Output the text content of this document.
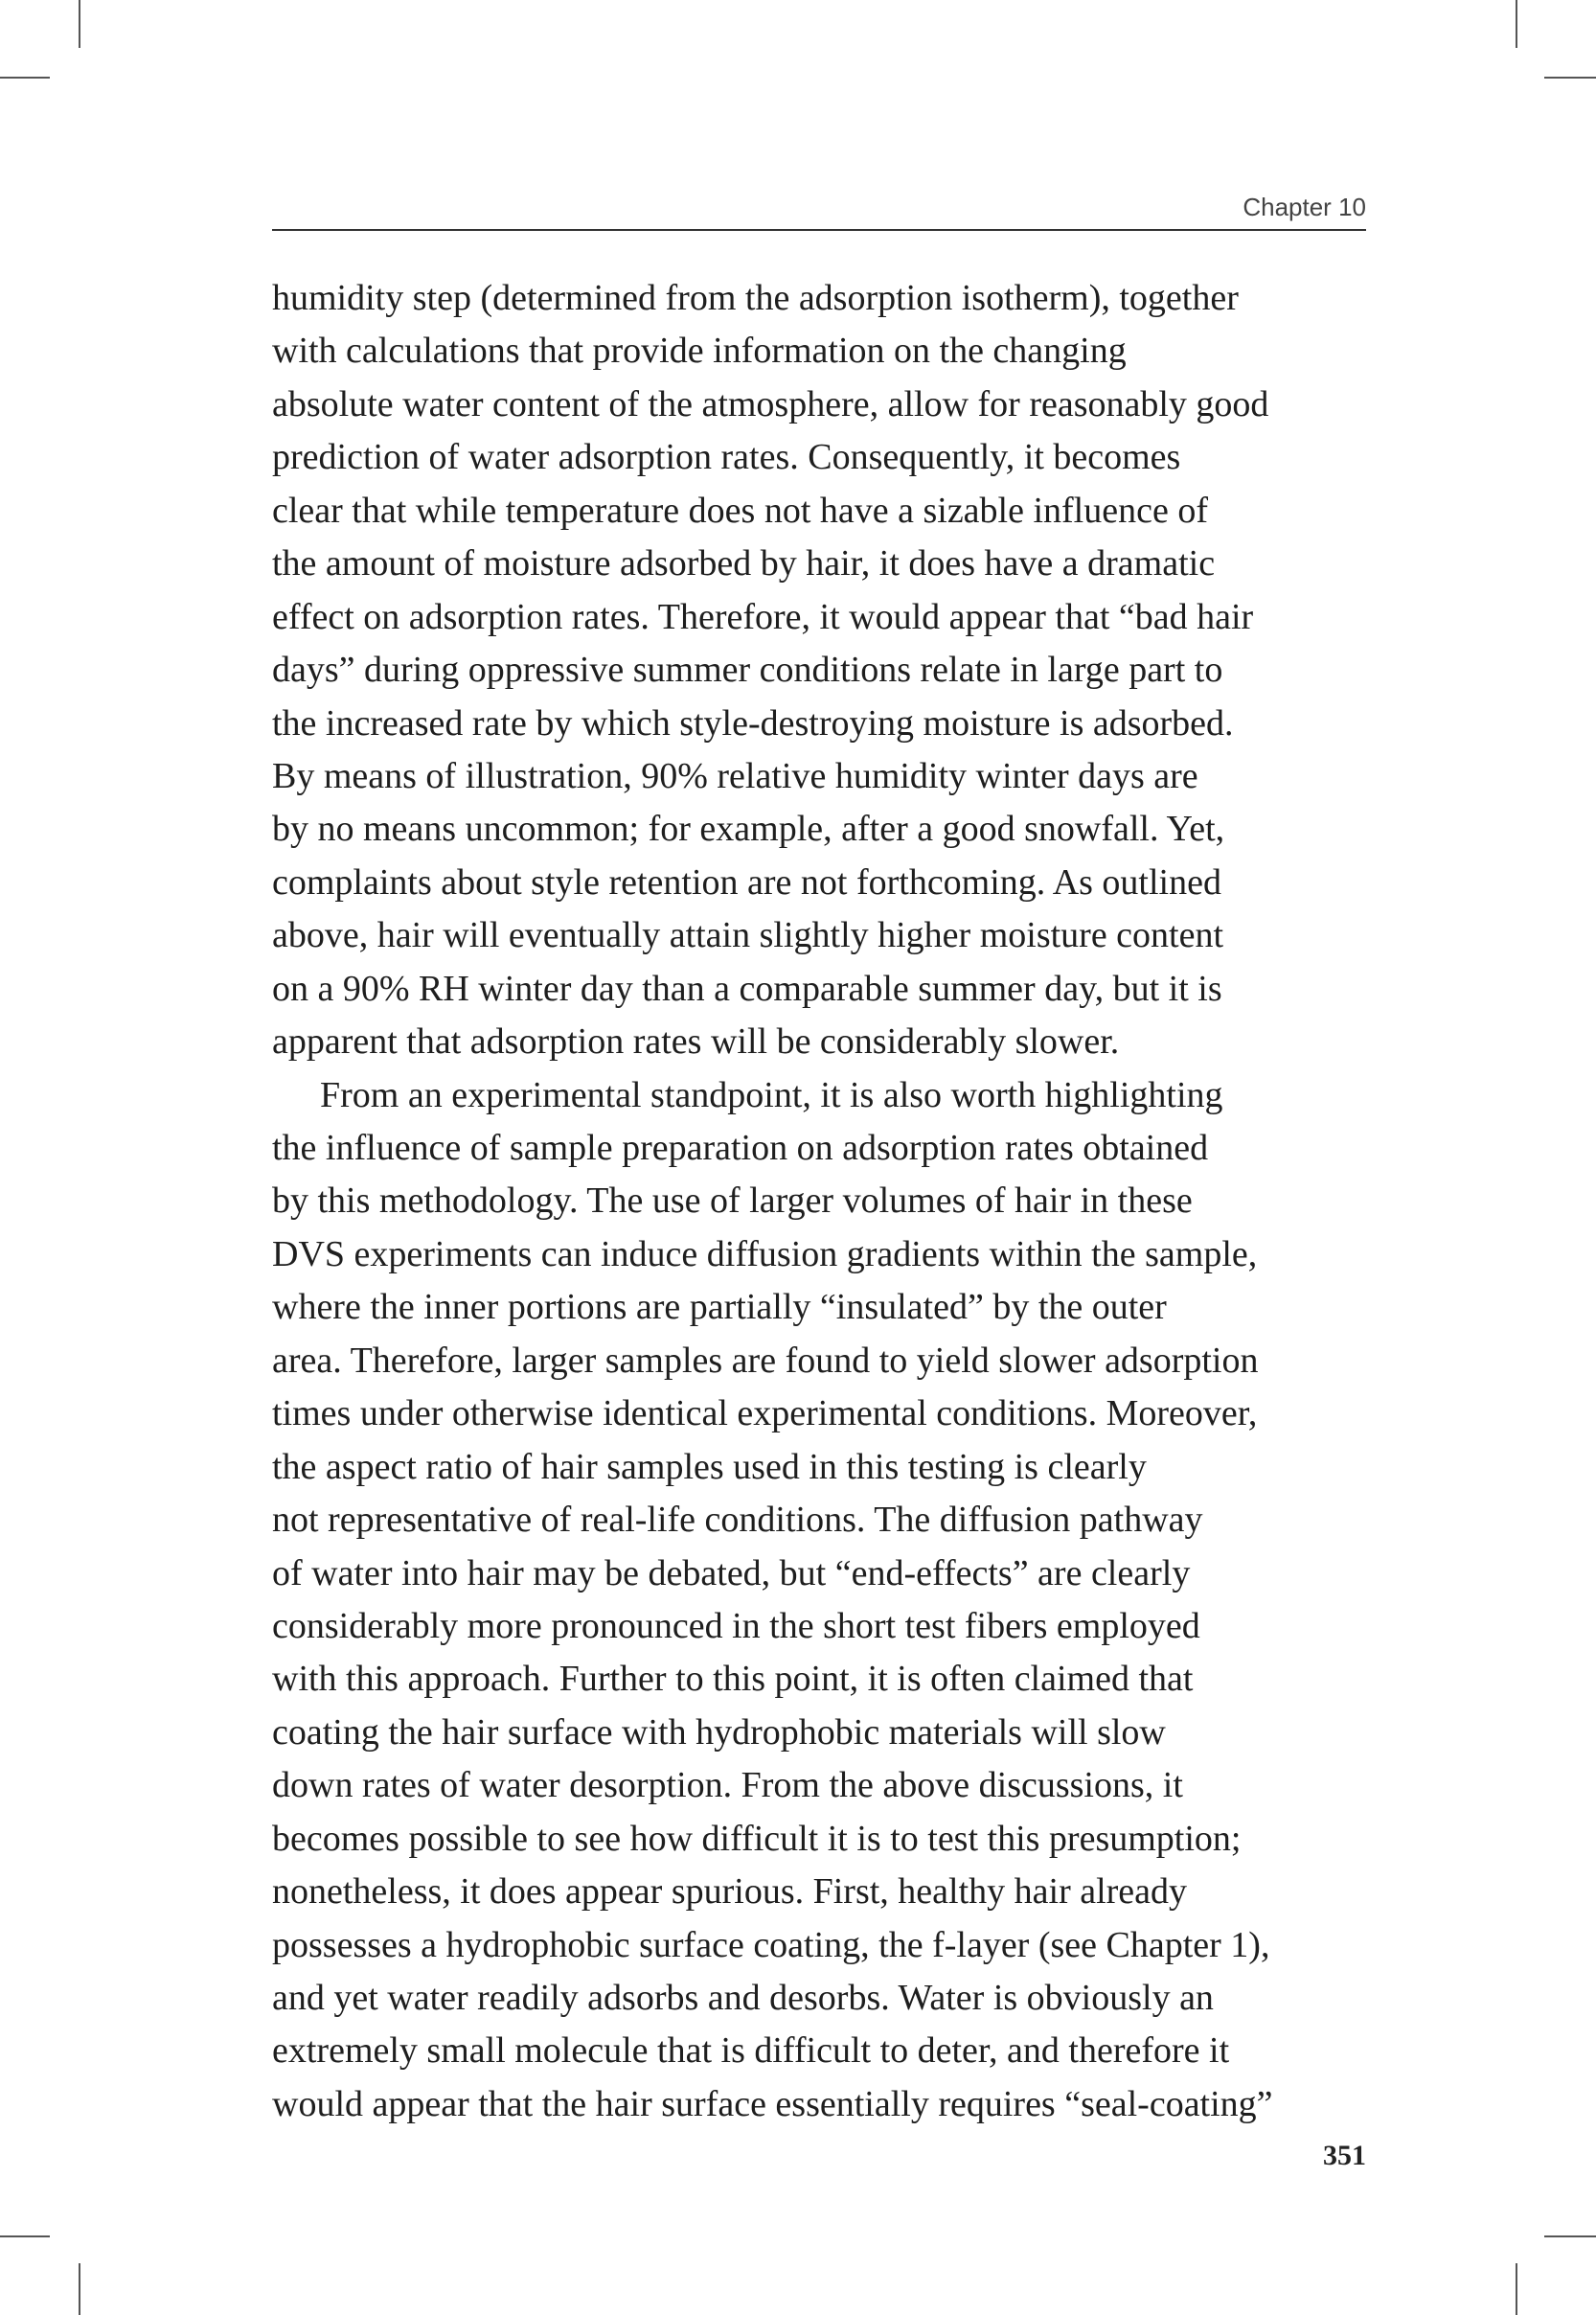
Chapter 10
humidity step (determined from the adsorption isotherm), together
with calculations that provide information on the changing
absolute water content of the atmosphere, allow for reasonably good
prediction of water adsorption rates. Consequently, it becomes
clear that while temperature does not have a sizable influence of
the amount of moisture adsorbed by hair, it does have a dramatic
effect on adsorption rates. Therefore, it would appear that “bad hair
days” during oppressive summer conditions relate in large part to
the increased rate by which style-destroying moisture is adsorbed.
By means of illustration, 90% relative humidity winter days are
by no means uncommon; for example, after a good snowfall. Yet,
complaints about style retention are not forthcoming. As outlined
above, hair will eventually attain slightly higher moisture content
on a 90% RH winter day than a comparable summer day, but it is
apparent that adsorption rates will be considerably slower.
From an experimental standpoint, it is also worth highlighting
the influence of sample preparation on adsorption rates obtained
by this methodology. The use of larger volumes of hair in these
DVS experiments can induce diffusion gradients within the sample,
where the inner portions are partially “insulated” by the outer
area. Therefore, larger samples are found to yield slower adsorption
times under otherwise identical experimental conditions. Moreover,
the aspect ratio of hair samples used in this testing is clearly
not representative of real-life conditions. The diffusion pathway
of water into hair may be debated, but “end-effects” are clearly
considerably more pronounced in the short test fibers employed
with this approach. Further to this point, it is often claimed that
coating the hair surface with hydrophobic materials will slow
down rates of water desorption. From the above discussions, it
becomes possible to see how difficult it is to test this presumption;
nonetheless, it does appear spurious. First, healthy hair already
possesses a hydrophobic surface coating, the f-layer (see Chapter 1),
and yet water readily adsorbs and desorbs. Water is obviously an
extremely small molecule that is difficult to deter, and therefore it
would appear that the hair surface essentially requires “seal-coating”
351
